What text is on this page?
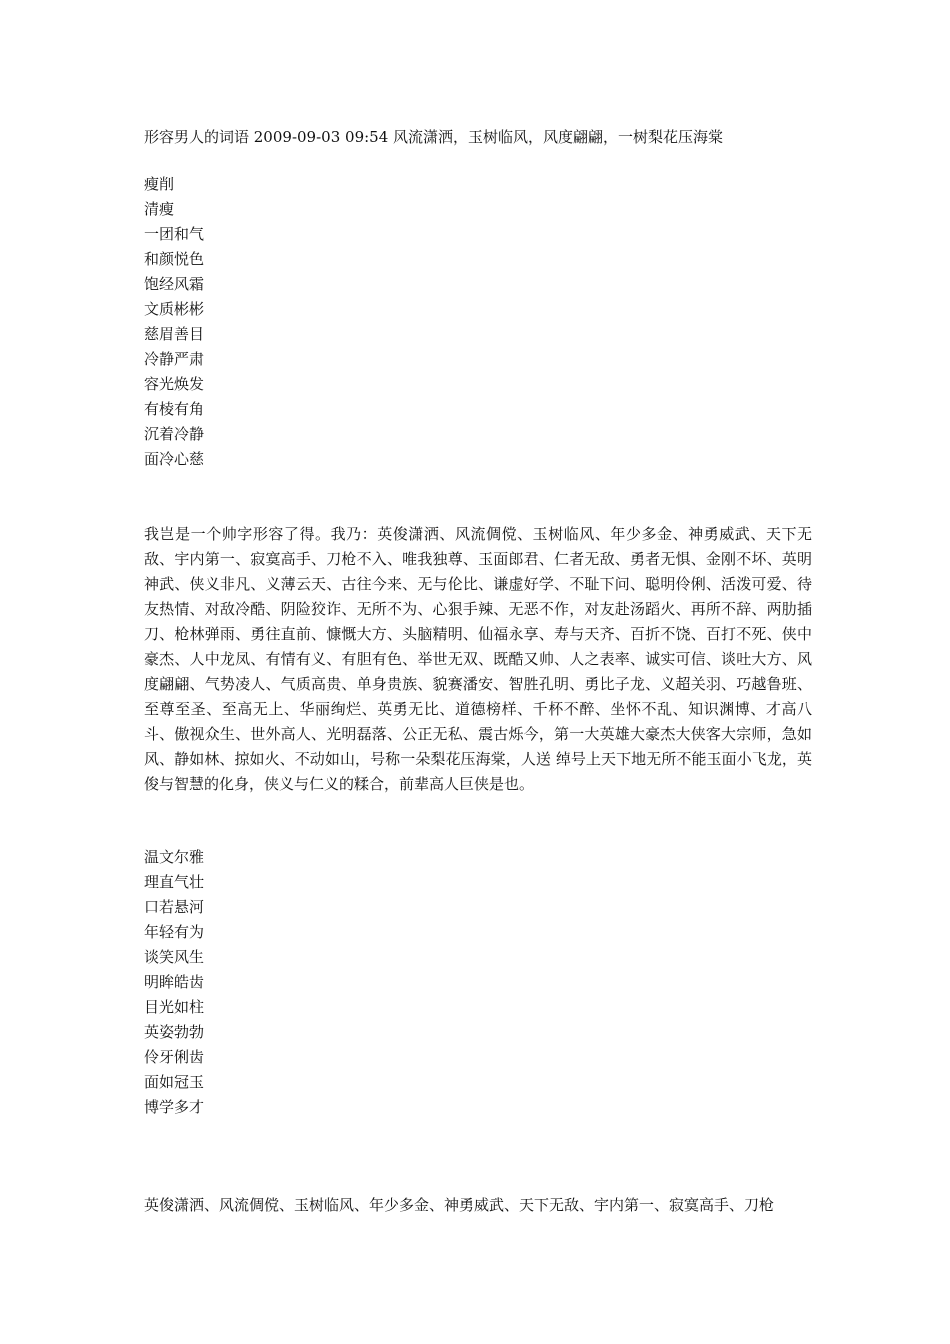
形容男人的词语 2009-09-03 09:54 风流潇洒，玉树临风，风度翩翩，一树梨花压海棠
瘦削
清瘦
一团和气
和颜悦色
饱经风霜
文质彬彬
慈眉善目
冷静严肃
容光焕发
有棱有角
沉着冷静
面冷心慈

我岂是一个帅字形容了得。我乃：英俊潇洒、风流倜傥、玉树临风、年少多金、神勇威武、天下无敌、宇内第一、寂寞高手、刀枪不入、唯我独尊、玉面郎君、仁者无敌、勇者无惧、金刚不坏、英明神武、侠义非凡、义薄云天、古往今来、无与伦比、谦虚好学、不耻下问、聪明伶俐、活泼可爱、待友热情、对敌冷酷、阴险狡诈、无所不为、心狠手辣、无恶不作，对友赴汤蹈火、再所不辞、两肋插刀、枪林弹雨、勇往直前、慷慨大方、头脑精明、仙福永享、寿与天齐、百折不饶、百打不死、侠中豪杰、人中龙凤、有情有义、有胆有色、举世无双、既酷又帅、人之表率、诚实可信、谈吐大方、风度翩翩、气势凌人、气质高贵、单身贵族、貌赛潘安、智胜孔明、勇比子龙、义超关羽、巧越鲁班、至尊至圣、至高无上、华丽绚烂、英勇无比、道德榜样、千杯不醉、坐怀不乱、知识渊博、才高八斗、傲视众生、世外高人、光明磊落、公正无私、震古烁今，第一大英雄大豪杰大侠客大宗师，急如风、静如林、掠如火、不动如山，号称一朵梨花压海棠，人送 绰号上天下地无所不能玉面小飞龙，英俊与智慧的化身，侠义与仁义的糅合，前辈高人巨侠是也。

温文尔雅
理直气壮
口若悬河
年轻有为
谈笑风生
明眸皓齿
目光如柱
英姿勃勃
伶牙俐齿
面如冠玉
博学多才

英俊潇洒、风流倜傥、玉树临风、年少多金、神勇威武、天下无敌、宇内第一、寂寞高手、刀枪
